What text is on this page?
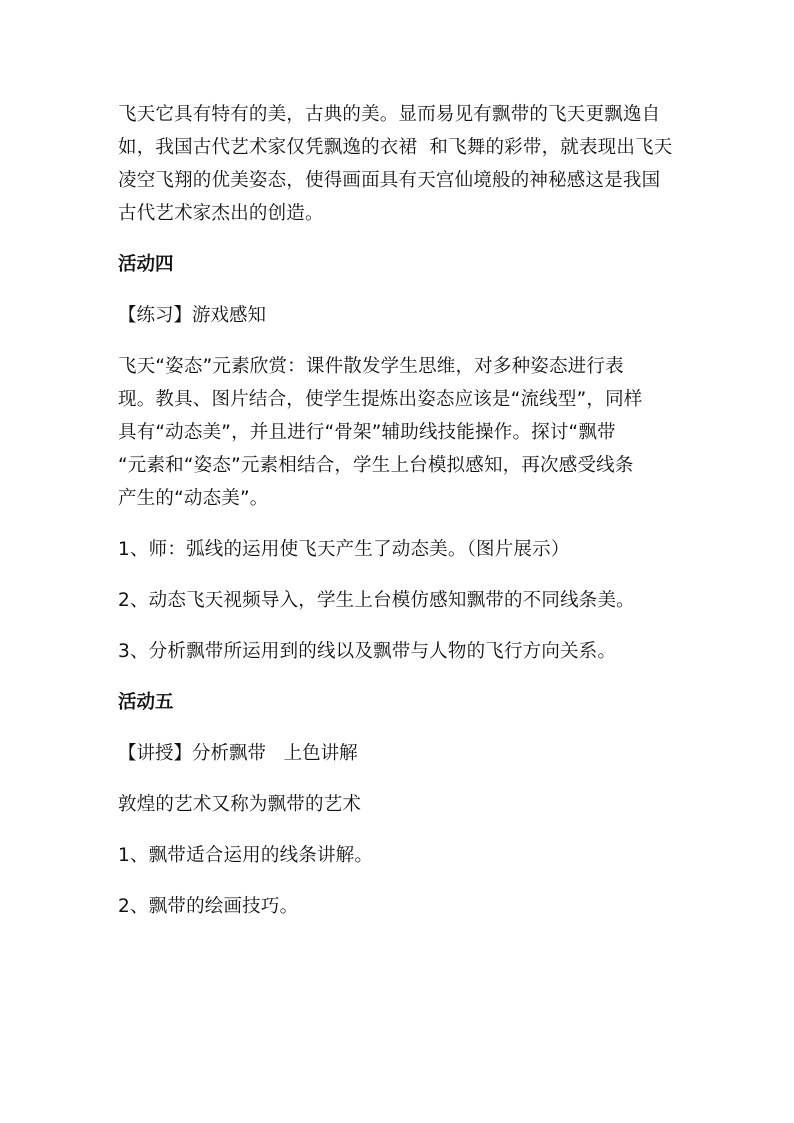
飞天它具有特有的美，古典的美。显而易见有飘带的飞天更飘逸自

如，我国古代艺术家仅凭飘逸的衣裙  和飞舞的彩带，就表现出飞天

凌空飞翔的优美姿态，使得画面具有天宫仙境般的神秘感这是我国

古代艺术家杰出的创造。

活动四

【练习】游戏感知

飞天“姿态”元素欣赏：课件散发学生思维，对多种姿态进行表

现。教具、图片结合，使学生提炼出姿态应该是“流线型”，同样

具有“动态美”，并且进行“骨架”辅助线技能操作。探讨“飘带

“元素和“姿态”元素相结合，学生上台模拟感知，再次感受线条

产生的“动态美”。

1、师：弧线的运用使飞天产生了动态美。（图片展示）

2、动态飞天视频导入，学生上台模仿感知飘带的不同线条美。

3、分析飘带所运用到的线以及飘带与人物的飞行方向关系。

活动五

【讲授】分析飘带   上色讲解

敦煌的艺术又称为飘带的艺术

1、飘带适合运用的线条讲解。

2、飘带的绘画技巧。
